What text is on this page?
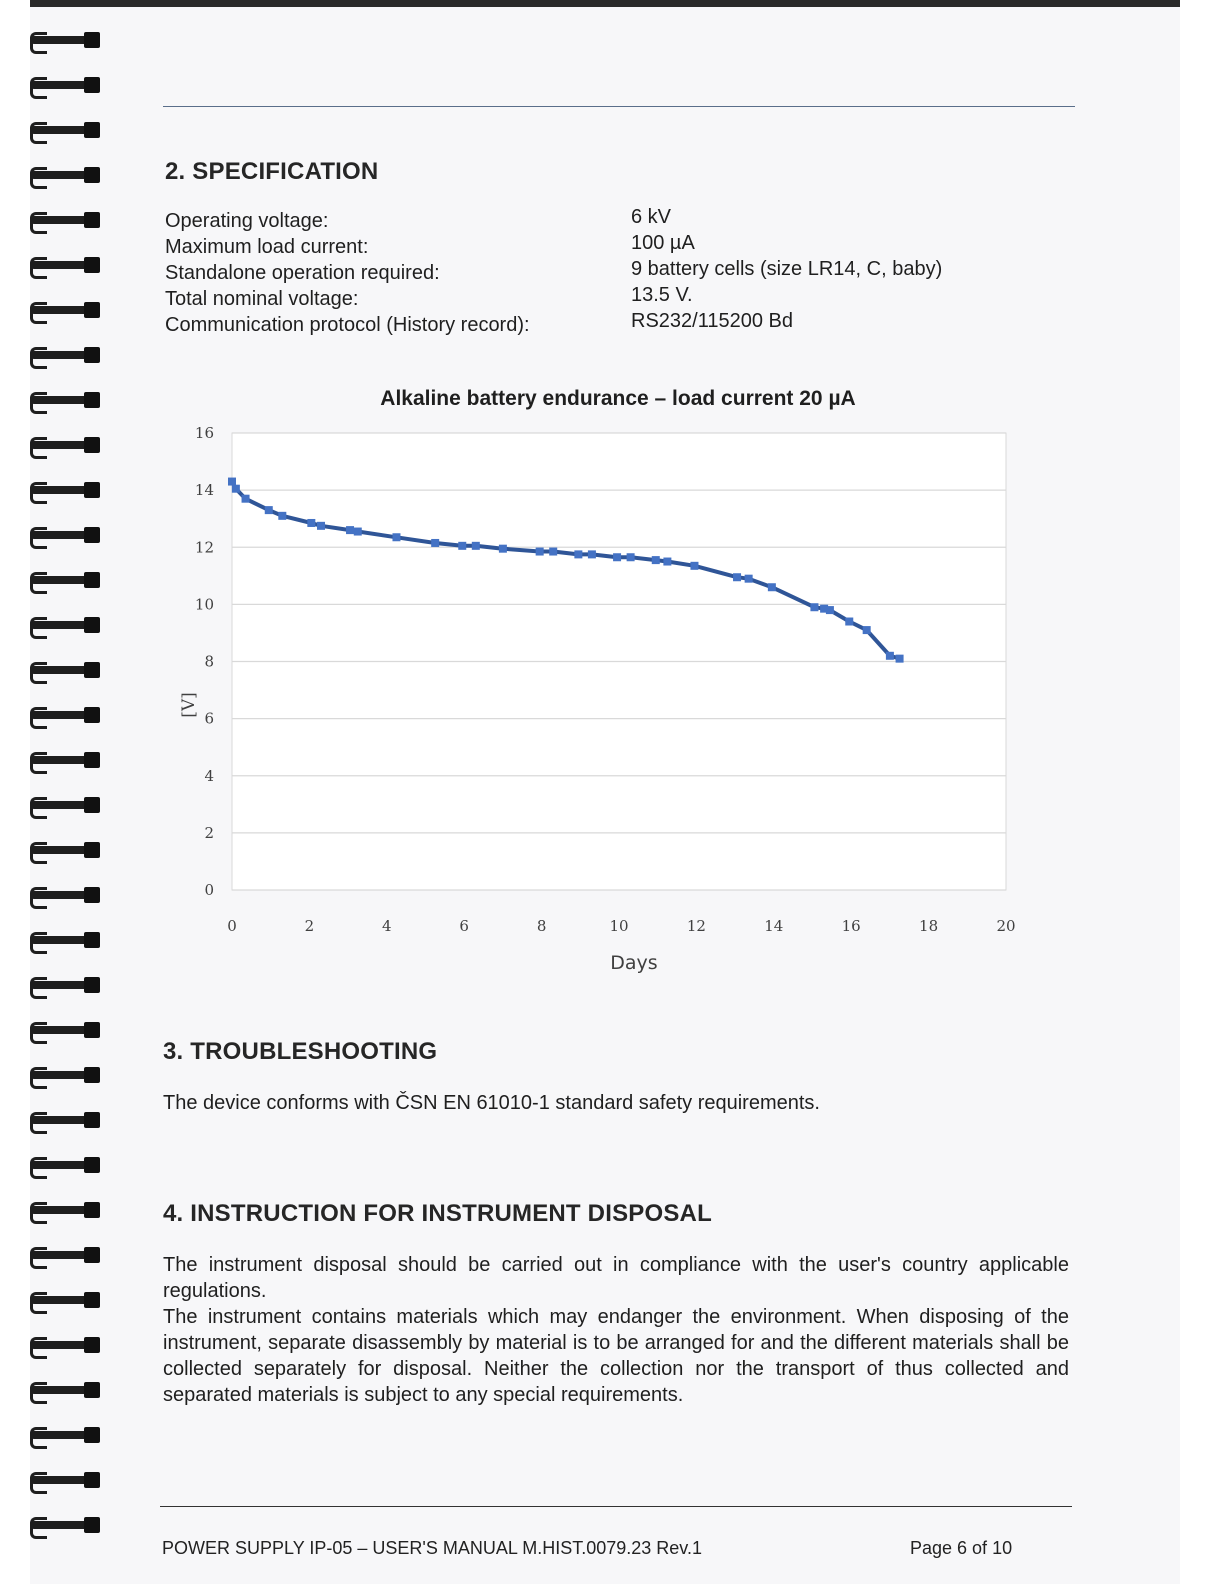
2. SPECIFICATION
Operating voltage:	6 kV
Maximum load current:	100 µA
Standalone operation required:	9 battery cells (size LR14, C, baby)
Total nominal voltage:	13.5 V.
Communication protocol (History record):	RS232/115200 Bd
Alkaline battery endurance – load current 20 µA
0
2
4
6
8
10
12
14
16
0	2	4	6	8	10	12	14	16	18	20
Days
[V]
3. TROUBLESHOOTING

The device conforms with ČSN EN 61010-1 standard safety requirements.

4. INSTRUCTION FOR INSTRUMENT DISPOSAL

The instrument disposal should be carried out in compliance with the user's country applicable regulations.

The instrument contains materials which may endanger the environment. When disposing of the instrument, separate disassembly by material is to be arranged for and the different materials shall be collected separately for disposal. Neither the collection nor the transport of thus collected and separated materials is subject to any special requirements.

POWER SUPPLY IP-05 – USER'S MANUAL M.HIST.0079.23 Rev.1	Page 6 of 10
